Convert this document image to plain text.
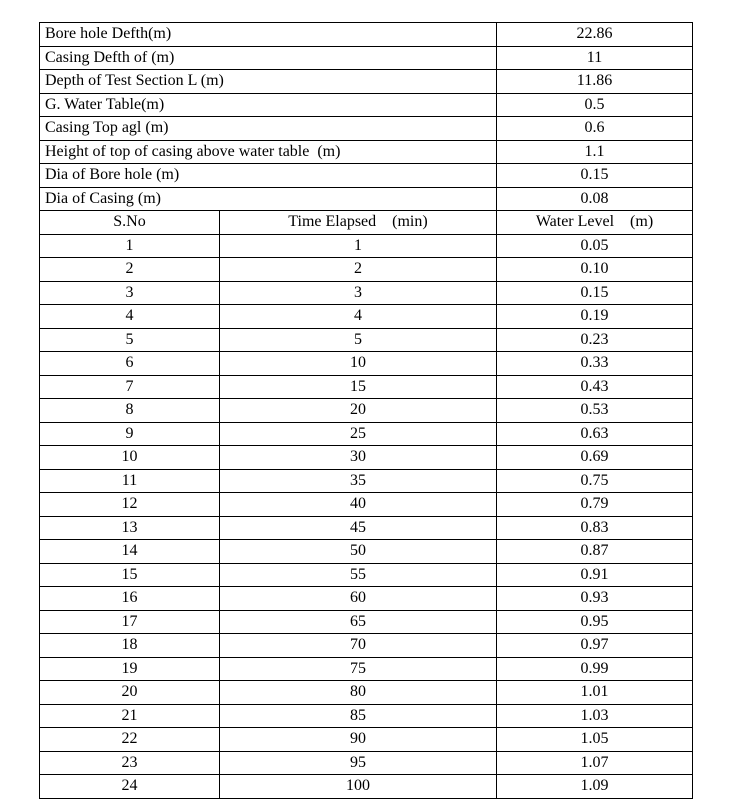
Bore hole Defth(m)		22.86
Casing Defth of (m)		11
Depth of Test Section L (m)		11.86
G. Water Table(m)		0.5
Casing Top agl (m)		0.6
Height of top of casing above water table  (m)		1.1
Dia of Bore hole (m)		0.15
Dia of Casing (m)		0.08
S.No	Time Elapsed    (min)	Water Level    (m)
1	1	0.05
2	2	0.10
3	3	0.15
4	4	0.19
5	5	0.23
6	10	0.33
7	15	0.43
8	20	0.53
9	25	0.63
10	30	0.69
11	35	0.75
12	40	0.79
13	45	0.83
14	50	0.87
15	55	0.91
16	60	0.93
17	65	0.95
18	70	0.97
19	75	0.99
20	80	1.01
21	85	1.03
22	90	1.05
23	95	1.07
24	100	1.09
